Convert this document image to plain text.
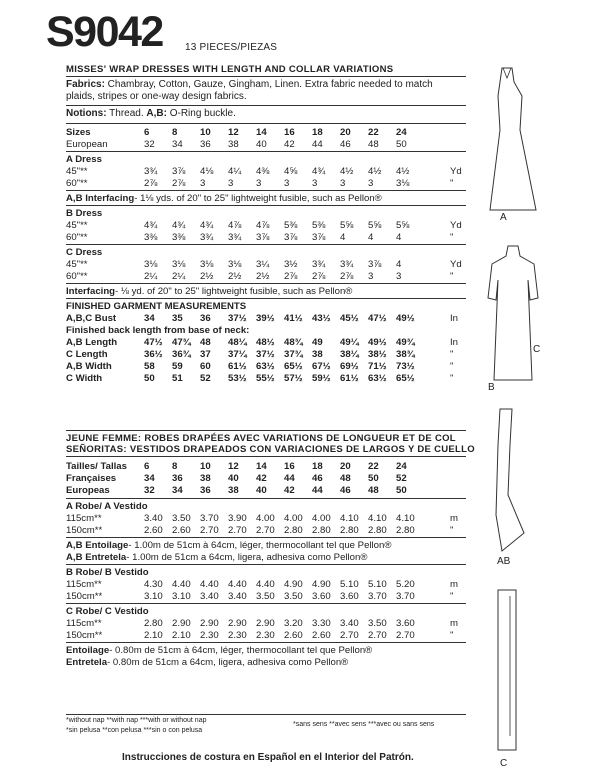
S9042 13 PIECES/PIEZAS
MISSES' WRAP DRESSES WITH LENGTH AND COLLAR VARIATIONS
Fabrics: Chambray, Cotton, Gauze, Gingham, Linen. Extra fabric needed to match
plaids, stripes or one-way design fabrics.
Notions: Thread. A,B: O-Ring buckle.
Sizes	6	8	10	12	14	16	18	20	22	24
European	32	34	36	38	40	42	44	46	48	50
A Dress
45"**	3¾	3⅞	4⅛	4¼	4⅜	4⅝	4¾	4½	4½	4½	Yd
60"**	2⅞	2⅞	3	3	3	3	3	3	3	3⅛	"
A,B Interfacing- 1⅛ yds. of 20" to 25" lightweight fusible, such as Pellon®
B Dress
45"**	4¾	4¾	4¾	4⅞	4⅞	5⅜	5⅜	5⅝	5⅝	5⅝	Yd
60"**	3⅜	3⅜	3¾	3¾	3⅞	3⅞	3⅞	4	4	4	"
C Dress
45"**	3⅛	3⅛	3⅛	3⅛	3¼	3½	3¾	3¾	3⅞	4	Yd
60"**	2¼	2¼	2½	2½	2½	2⅞	2⅞	2⅞	3	3	"
Interfacing- ⅛ yd. of 20" to 25" lightweight fusible, such as Pellon®
FINISHED GARMENT MEASUREMENTS
A,B,C Bust	34	35	36	37½ 39½ 41½ 43½ 45½ 47½ 49½	In
Finished back length from base of neck:
A,B Length	47½ 47¾ 48	48¼ 48½ 48¾ 49	49¼ 49½ 49¾	In
C Length	36½ 36¾ 37	37¼ 37½ 37¾ 38	38¼ 38½ 38¾	"
A,B Width	58	59	60	61½ 63½ 65½ 67½ 69½ 71½ 73½	"
C Width	50	51	52	53½ 55½ 57½ 59½ 61½ 63½ 65½	"
JEUNE FEMME: ROBES DRAPÉES AVEC VARIATIONS DE LONGUEUR ET DE COL
SEÑORITAS: VESTIDOS DRAPEADOS CON VARIACIONES DE LARGOS Y DE CUELLO
Tailles/ Tallas 6	8	10	12	14	16	18	20	22	24
Françaises	34	36	38	40	42	44	46	48	50	52
Europeas	32	34	36	38	40	42	44	46	48	50
A Robe/ A Vestido
115cm**	3.40 3.50 3.70 3.90 4.00 4.00 4.00 4.10 4.10 4.10	m
150cm**	2.60 2.60 2.70 2.70 2.70 2.80 2.80 2.80 2.80 2.80	"
A,B Entoilage- 1.00m de 51cm à 64cm, léger, thermocollant tel que Pellon®
A,B Entretela- 1.00m de 51cm a 64cm, ligera, adhesiva como Pellon®
B Robe/ B Vestido
115cm**	4.30 4.40 4.40 4.40 4.40 4.90 4.90 5.10 5.10 5.20	m
150cm**	3.10 3.10 3.40 3.40 3.50 3.50 3.60 3.60 3.70 3.70	"
C Robe/ C Vestido
115cm**	2.80 2.90 2.90 2.90 2.90 3.20 3.30 3.40 3.50 3.60	m
150cm**	2.10 2.10 2.30 2.30 2.30 2.60 2.60 2.70 2.70 2.70	"
Entoilage- 0.80m de 51cm à 64cm, léger, thermocollant tel que Pellon®
Entretela- 0.80m de 51cm a 64cm, ligera, adhesiva como Pellon®
*without nap **with nap ***with or without nap
*sin pelusa **con pelusa ***sin o con pelusa
*sans sens **avec sens ***avec ou sans sens
Instrucciones de costura en Español en el Interior del Patrón.
A
C
B
AB
C
